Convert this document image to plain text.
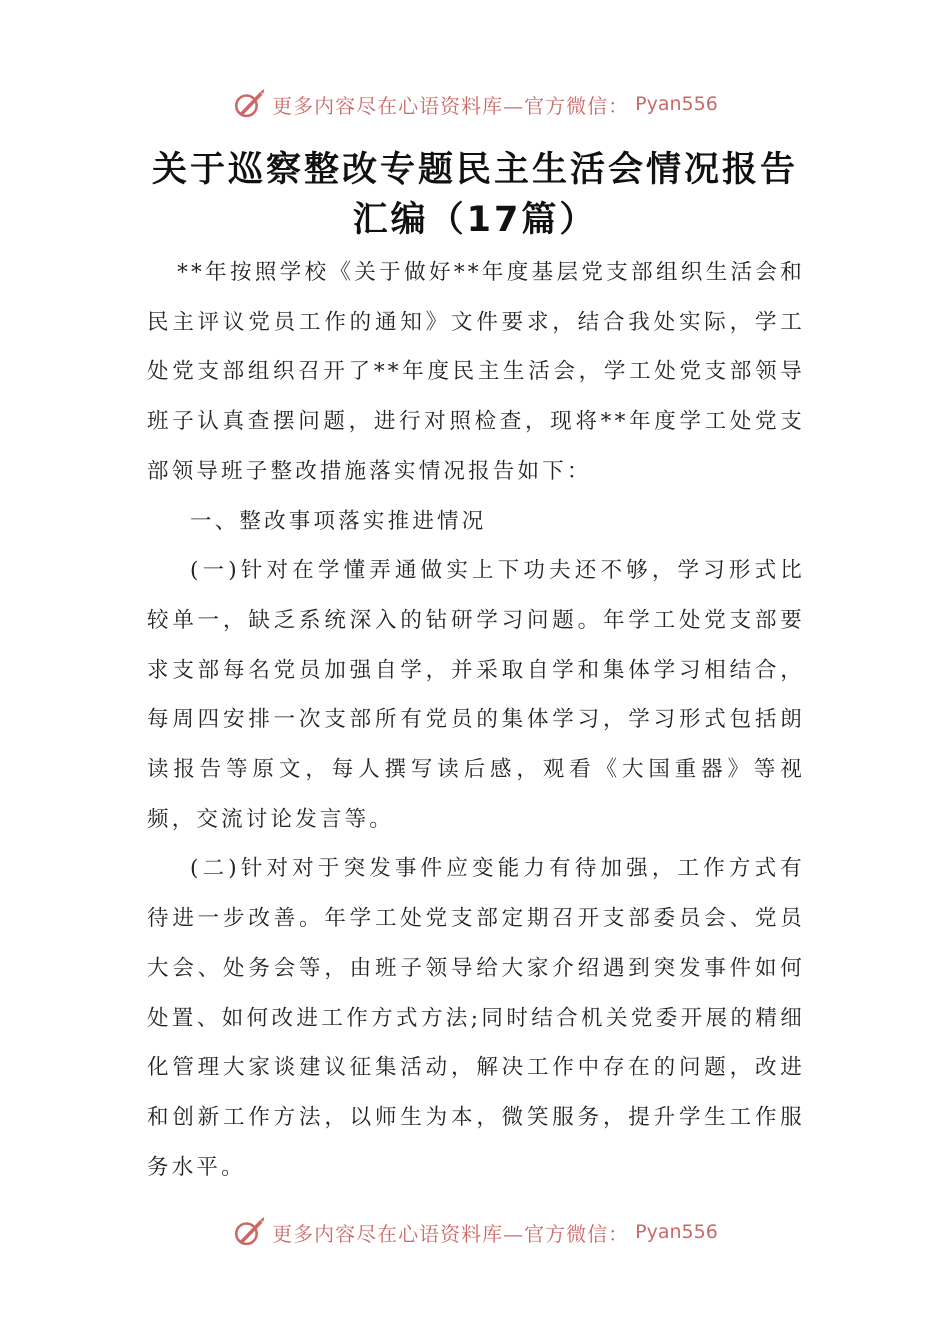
更多内容尽在心语资料库—官方微信： Pyan556
关于巡察整改专题民主生活会情况报告汇编（17篇）

**年按照学校《关于做好**年度基层党支部组织生活会和民主评议党员工作的通知》文件要求，结合我处实际，学工处党支部组织召开了**年度民主生活会，学工处党支部领导班子认真查摆问题，进行对照检查，现将**年度学工处党支部领导班子整改措施落实情况报告如下：

一、整改事项落实推进情况

(一)针对在学懂弄通做实上下功夫还不够，学习形式比较单一，缺乏系统深入的钻研学习问题。年学工处党支部要求支部每名党员加强自学，并采取自学和集体学习相结合，每周四安排一次支部所有党员的集体学习，学习形式包括朗读报告等原文，每人撰写读后感，观看《大国重器》等视频，交流讨论发言等。

(二)针对对于突发事件应变能力有待加强，工作方式有待进一步改善。年学工处党支部定期召开支部委员会、党员大会、处务会等，由班子领导给大家介绍遇到突发事件如何处置、如何改进工作方式方法;同时结合机关党委开展的精细化管理大家谈建议征集活动，解决工作中存在的问题，改进和创新工作方法，以师生为本，微笑服务，提升学生工作服务水平。

更多内容尽在心语资料库—官方微信： Pyan556
